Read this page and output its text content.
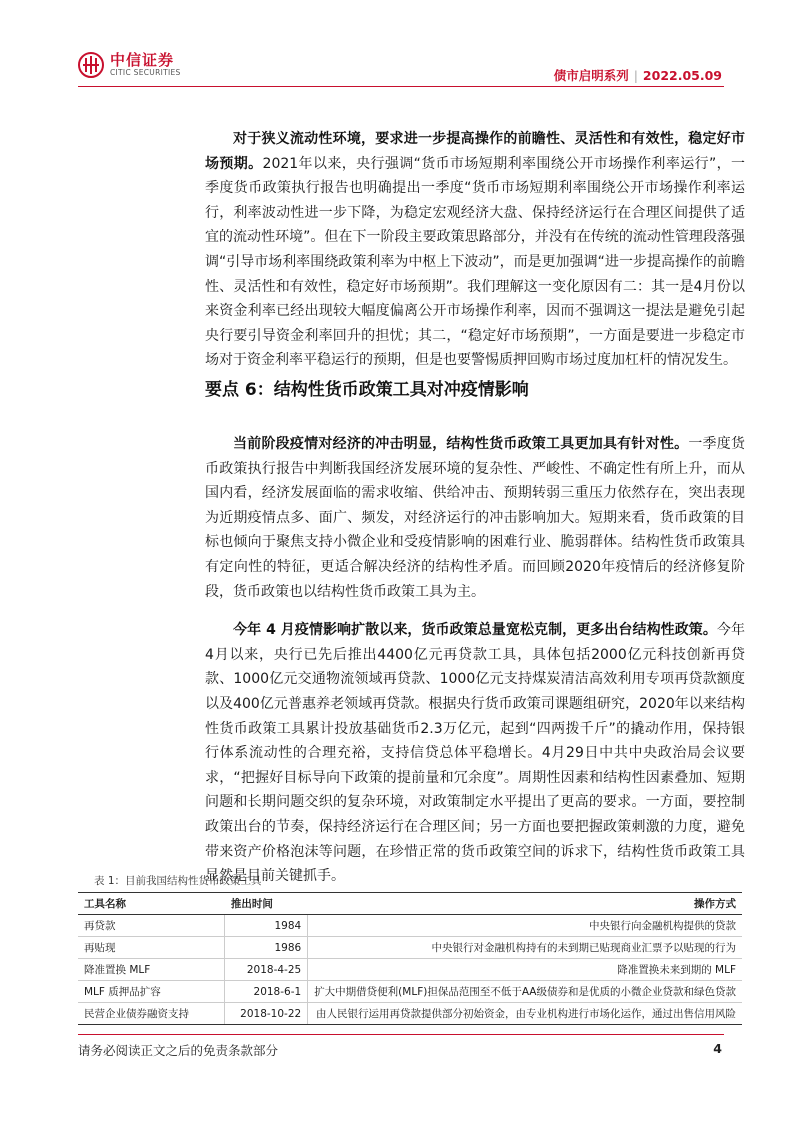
中信证券
CITIC SECURITIES	债市启明系列 | 2022.05.09

对于狭义流动性环境，要求进一步提高操作的前瞻性、灵活性和有效性，稳定好市场预期。2021年以来，央行强调“货币市场短期利率围绕公开市场操作利率运行”，一季度货币政策执行报告也明确提出一季度“货币市场短期利率围绕公开市场操作利率运行，利率波动性进一步下降，为稳定宏观经济大盘、保持经济运行在合理区间提供了适宜的流动性环境”。但在下一阶段主要政策思路部分，并没有在传统的流动性管理段落强调“引导市场利率围绕政策利率为中枢上下波动”，而是更加强调“进一步提高操作的前瞻性、灵活性和有效性，稳定好市场预期”。我们理解这一变化原因有二：其一是4月份以来资金利率已经出现较大幅度偏离公开市场操作利率，因而不强调这一提法是避免引起央行要引导资金利率回升的担忧；其二，“稳定好市场预期”，一方面是要进一步稳定市场对于资金利率平稳运行的预期，但是也要警惕质押回购市场过度加杠杆的情况发生。

要点 6：结构性货币政策工具对冲疫情影响

当前阶段疫情对经济的冲击明显，结构性货币政策工具更加具有针对性。一季度货币政策执行报告中判断我国经济发展环境的复杂性、严峻性、不确定性有所上升，而从国内看，经济发展面临的需求收缩、供给冲击、预期转弱三重压力依然存在，突出表现为近期疫情点多、面广、频发，对经济运行的冲击影响加大。短期来看，货币政策的目标也倾向于聚焦支持小微企业和受疫情影响的困难行业、脆弱群体。结构性货币政策具有定向性的特征，更适合解决经济的结构性矛盾。而回顾2020年疫情后的经济修复阶段，货币政策也以结构性货币政策工具为主。

今年 4 月疫情影响扩散以来，货币政策总量宽松克制，更多出台结构性政策。今年4月以来，央行已先后推出4400亿元再贷款工具，具体包括2000亿元科技创新再贷款、1000亿元交通物流领域再贷款、1000亿元支持煤炭清洁高效利用专项再贷款额度以及400亿元普惠养老领域再贷款。根据央行货币政策司课题组研究，2020年以来结构性货币政策工具累计投放基础货币2.3万亿元，起到“四两拨千斤”的撬动作用，保持银行体系流动性的合理充裕，支持信贷总体平稳增长。4月29日中共中央政治局会议要求，“把握好目标导向下政策的提前量和冗余度”。周期性因素和结构性因素叠加、短期问题和长期问题交织的复杂环境，对政策制定水平提出了更高的要求。一方面，要控制政策出台的节奏，保持经济运行在合理区间；另一方面也要把握政策刺激的力度，避免带来资产价格泡沫等问题，在珍惜正常的货币政策空间的诉求下，结构性货币政策工具显然是目前关键抓手。

表 1：目前我国结构性货币政策工具
工具名称	推出时间	操作方式
再贷款	1984	中央银行向金融机构提供的贷款
再贴现	1986	中央银行对金融机构持有的未到期已贴现商业汇票予以贴现的行为
降准置换 MLF	2018-4-25	降准置换未来到期的 MLF
MLF 质押品扩容	2018-6-1	扩大中期借贷便利(MLF)担保品范围至不低于AA级债券和是优质的小微企业贷款和绿色贷款
民营企业债券融资支持	2018-10-22	由人民银行运用再贷款提供部分初始资金，由专业机构进行市场化运作，通过出售信用风险
请务必阅读正文之后的免责条款部分	4
